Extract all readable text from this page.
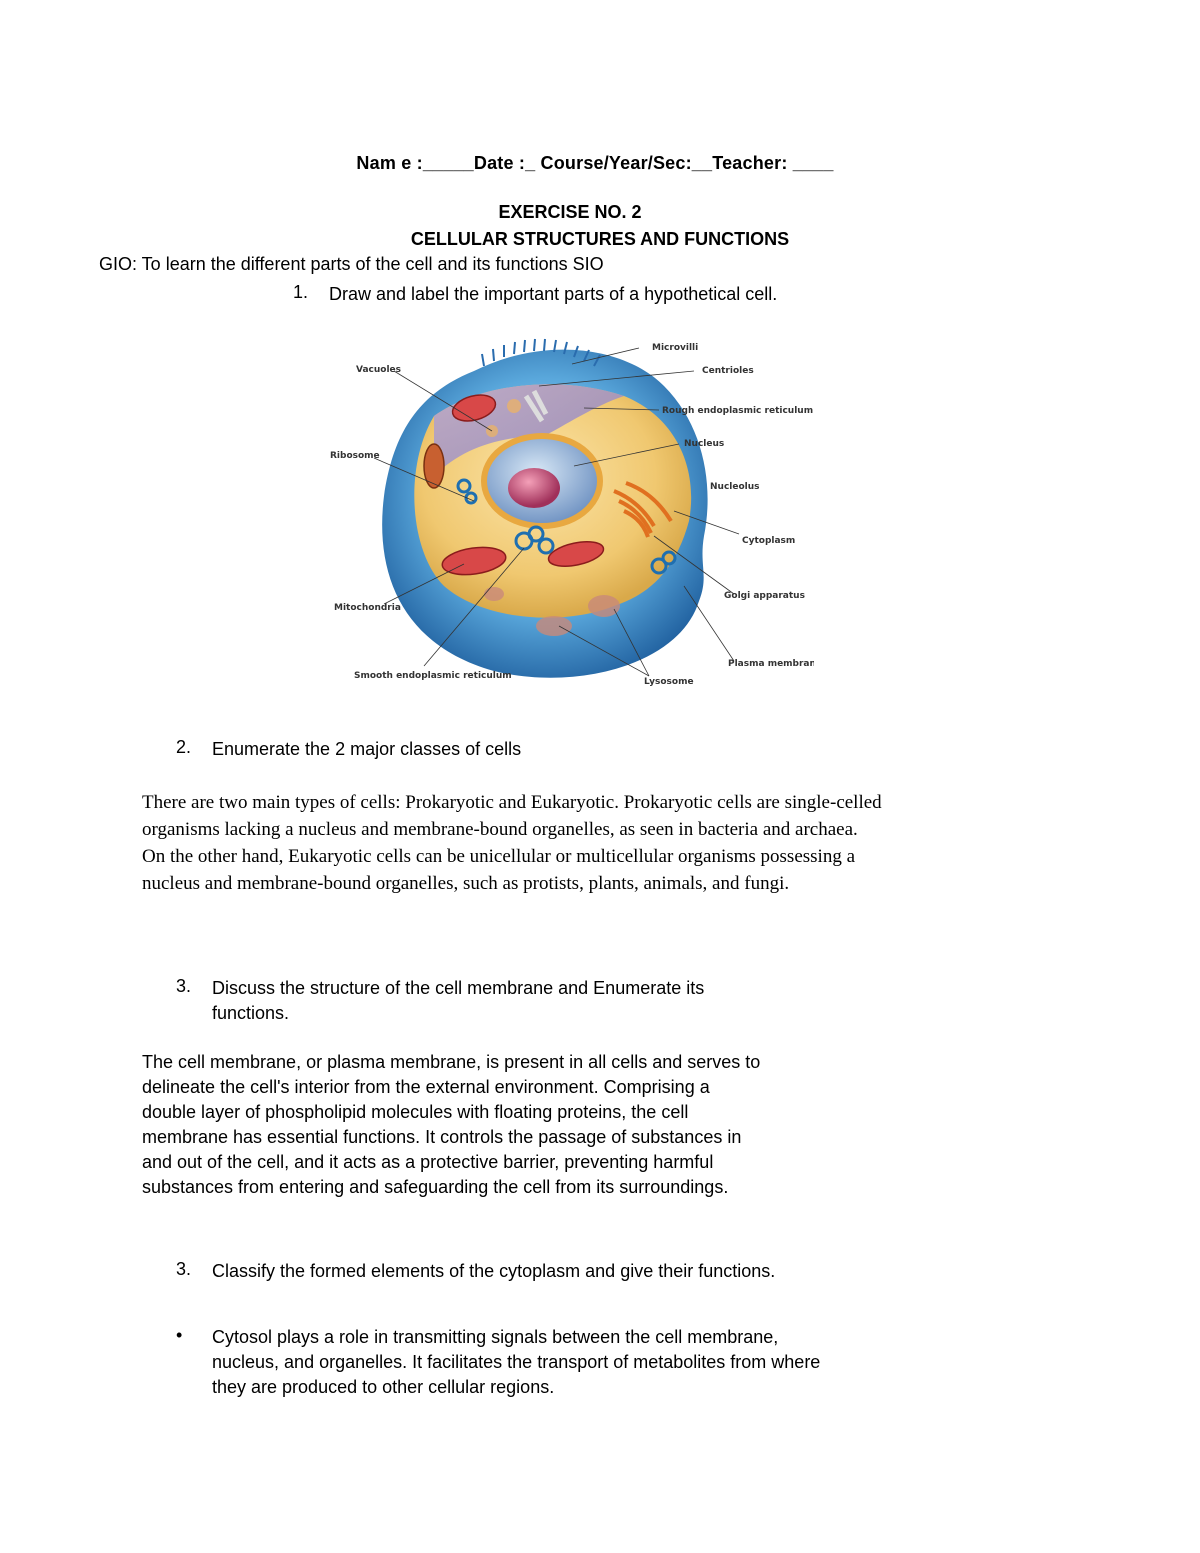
Nam e :_____Date :_ Course/Year/Sec:__Teacher: ____
EXERCISE NO. 2
CELLULAR STRUCTURES AND FUNCTIONS
GIO: To learn the different parts of the cell and its functions SIO
1. Draw and label the important parts of a hypothetical cell.
Microvilli
Centrioles
Rough endoplasmic reticulum
Nucleus
Nucleolus
Cytoplasm
Golgi apparatus
Plasma membrane
Lysosome
Smooth endoplasmic reticulum
Mitochondria
Ribosome
Vacuoles
2. Enumerate the 2 major classes of cells

There are two main types of cells: Prokaryotic and Eukaryotic. Prokaryotic cells are single-celled

organisms lacking a nucleus and membrane-bound organelles, as seen in bacteria and archaea.

On the other hand, Eukaryotic cells can be unicellular or multicellular organisms possessing a

nucleus and membrane-bound organelles, such as protists, plants, animals, and fungi.

3. Discuss the structure of the cell membrane and Enumerate its
functions.

The cell membrane, or plasma membrane, is present in all cells and serves to

delineate the cell's interior from the external environment. Comprising a

double layer of phospholipid molecules with floating proteins, the cell

membrane has essential functions. It controls the passage of substances in

and out of the cell, and it acts as a protective barrier, preventing harmful

substances from entering and safeguarding the cell from its surroundings.

3. Classify the formed elements of the cytoplasm and give their functions.
• Cytosol plays a role in transmitting signals between the cell membrane,

nucleus, and organelles. It facilitates the transport of metabolites from where

they are produced to other cellular regions.
